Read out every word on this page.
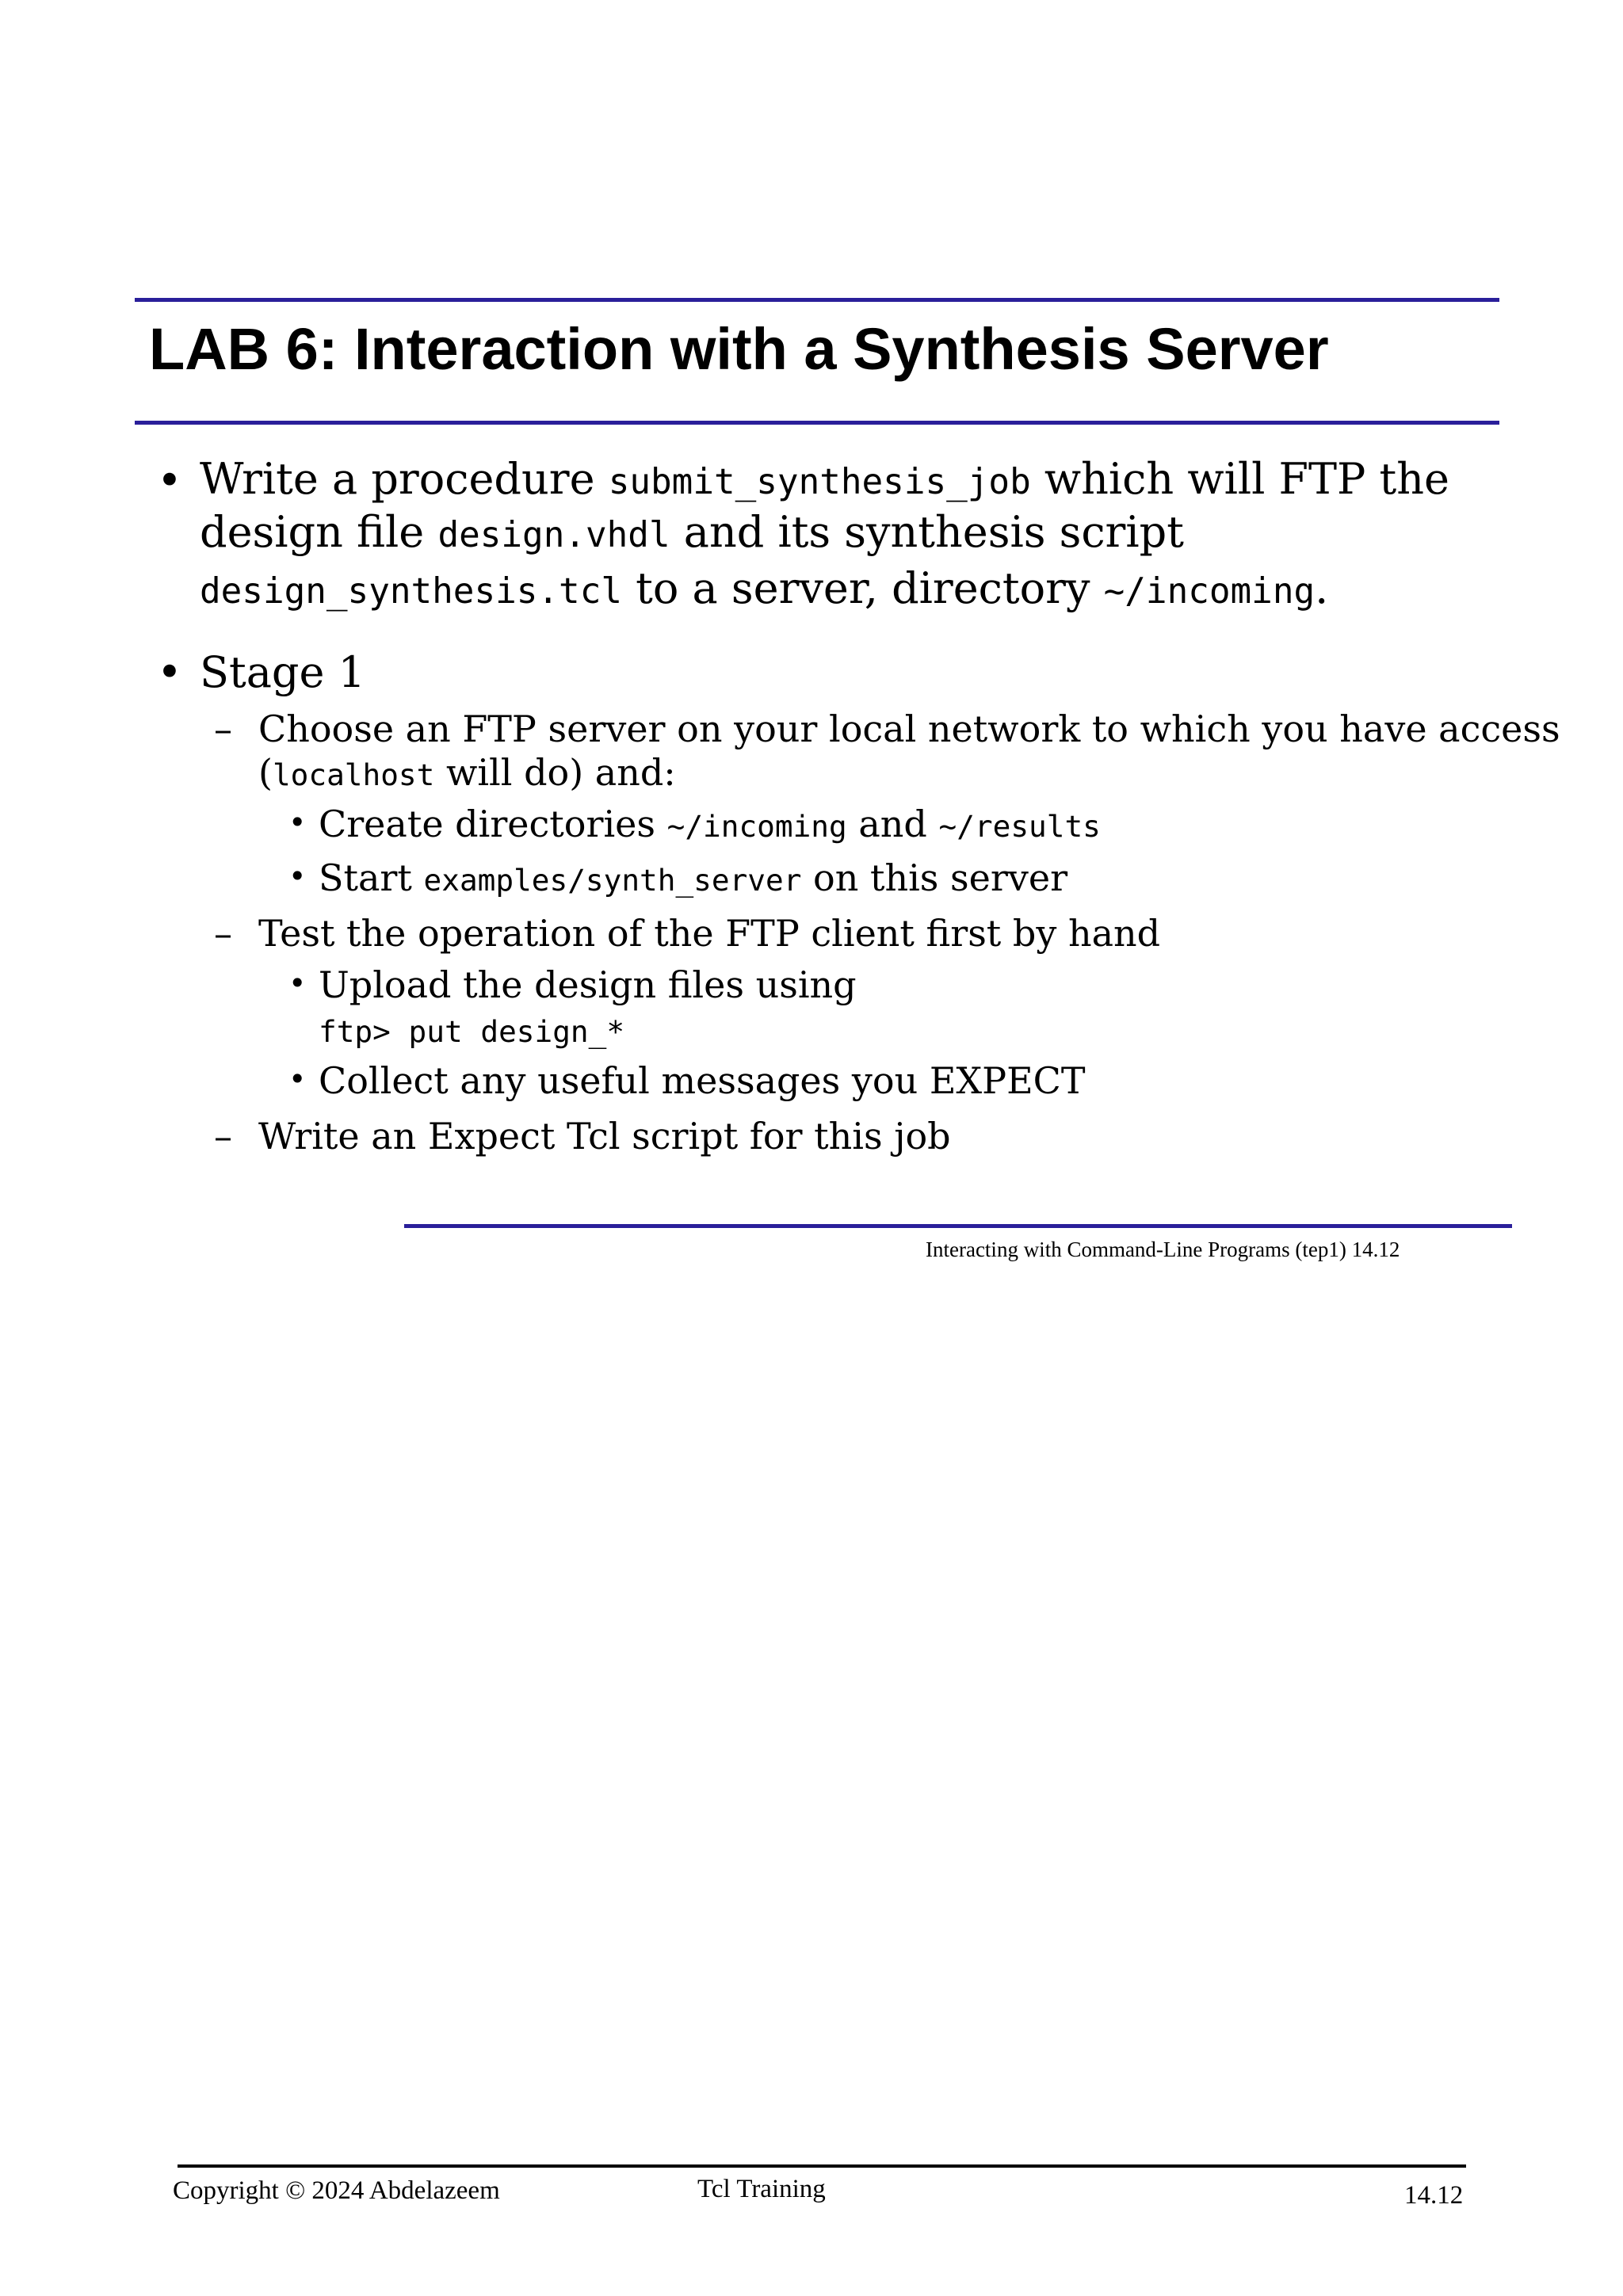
LAB 6: Interaction with a Synthesis Server
• Write a procedure submit_synthesis_job which will FTP the
design file design.vhdl and its synthesis script
design_synthesis.tcl to a server, directory ~/incoming.
• Stage 1
– Choose an FTP server on your local network to which you have access
(localhost will do) and:
• Create directories ~/incoming and ~/results
• Start examples/synth_server on this server
– Test the operation of the FTP client first by hand
• Upload the design files using
ftp> put design_*
• Collect any useful messages you EXPECT
– Write an Expect Tcl script for this job
Interacting with Command-Line Programs (tep1) 14.12
Copyright © 2024 Abdelazeem	Tcl Training	14.12
